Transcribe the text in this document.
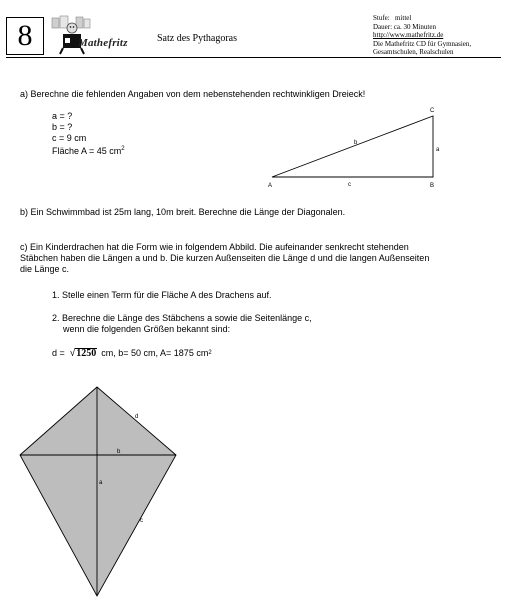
8	Mathefritz	Satz des Pythagoras
Stufe: mittel
Dauer: ca. 30 Minuten
http://www.mathefritz.de
Die Mathefritz CD für Gymnasien,
Gesamtschulen, Realschulen
a) Berechne die fehlenden Angaben von dem nebenstehenden rechtwinkligen Dreieck!
a = ?
b = ?
c = 9 cm
Fläche A = 45 $cm^2$
C
A	B
a
b
c
b) Ein Schwimmbad ist 25m lang, 10m breit. Berechne die Länge der Diagonalen.
c) Ein Kinderdrachen hat die Form wie in folgendem Abbild. Die aufeinander senkrecht stehenden
Stäbchen haben die Längen a und b. Die kurzen Außenseiten die Länge d und die langen Außenseiten
die Länge c.
1. Stelle einen Term für die Fläche A des Drachens auf.
2. Berechne die Länge des Stäbchens a sowie die Seitenlänge c,
wenn die folgenden Größen bekannt sind:
d = √ 1250 cm, b= 50 cm, A= 1875 cm 2
d
b
a
c
